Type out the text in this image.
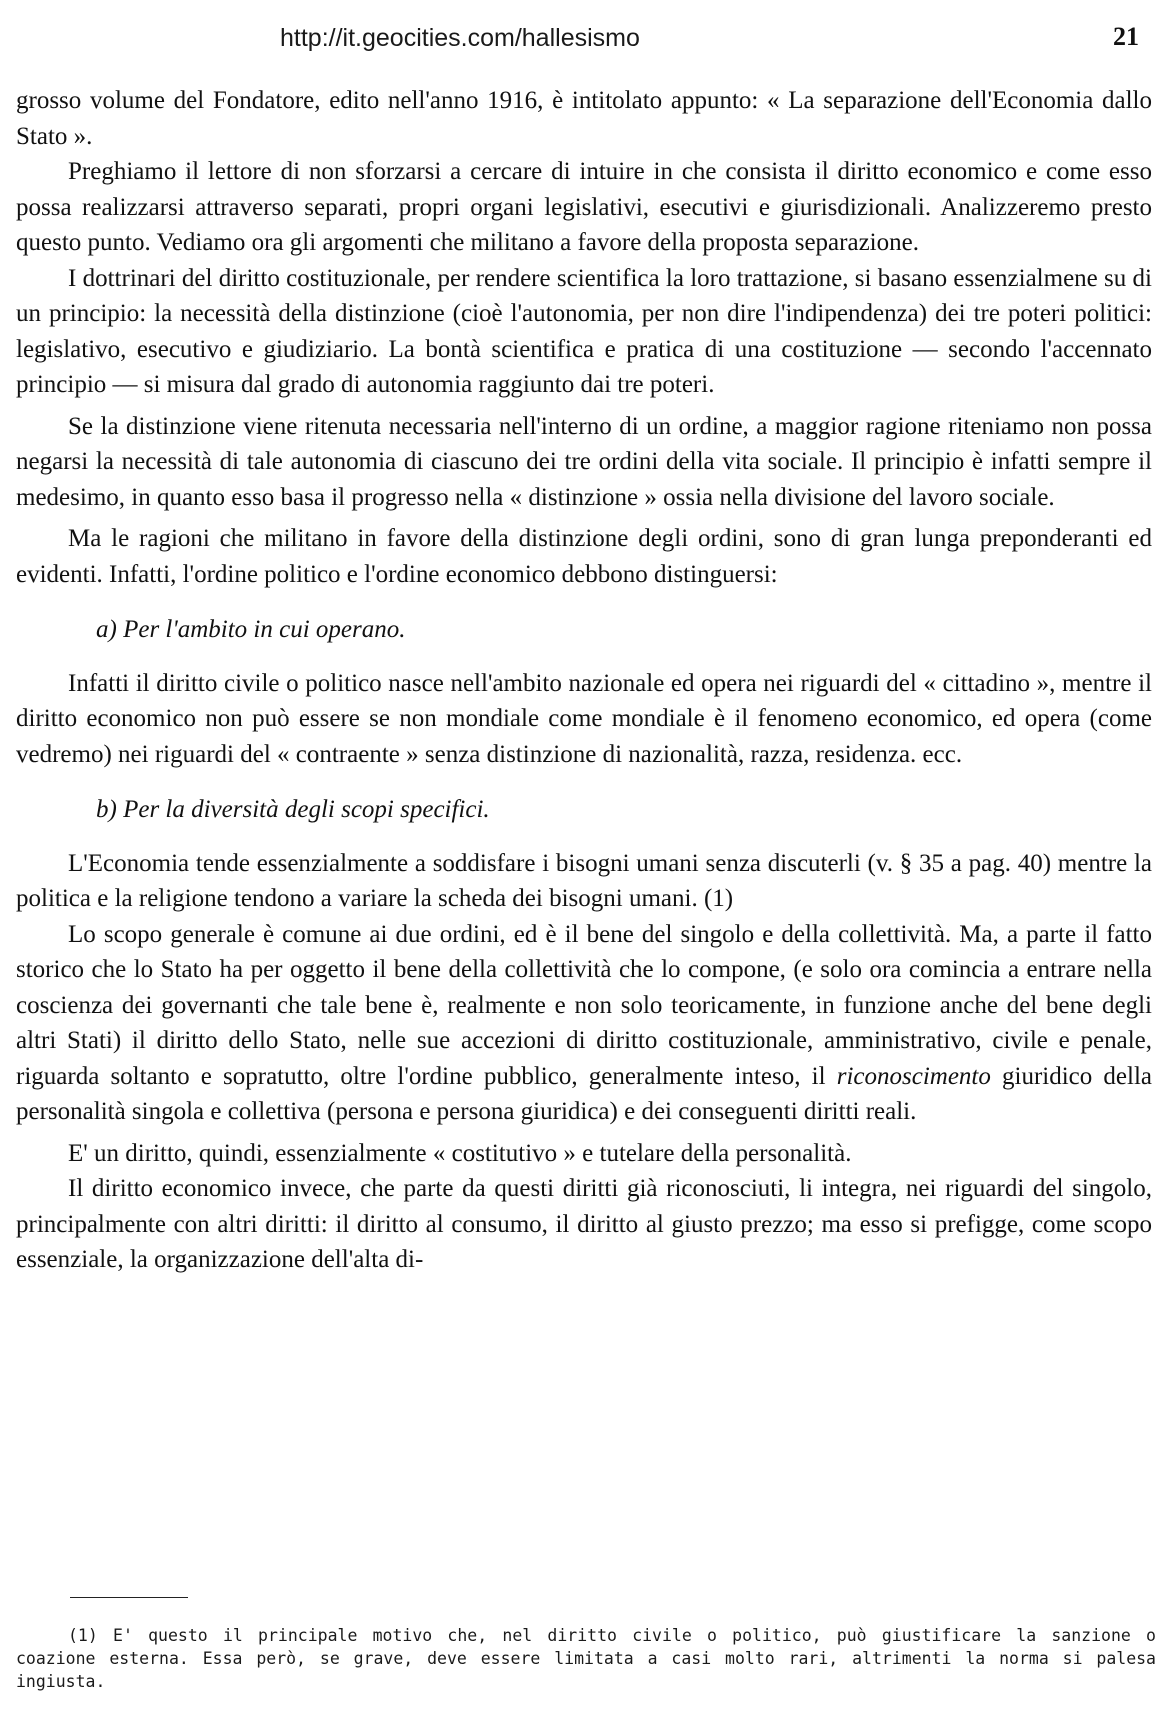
http://it.geocities.com/hallesismo	21

grosso volume del Fondatore, edito nell'anno 1916, è intitolato appunto: « La separazione dell'Economia dallo Stato ».

Preghiamo il lettore di non sforzarsi a cercare di intuire in che consista il diritto economico e come esso possa realizzarsi attraverso separati, propri organi legislativi, esecutivi e giurisdizionali. Analizzeremo presto questo punto. Vediamo ora gli argomenti che militano a favore della proposta separazione.

I dottrinari del diritto costituzionale, per rendere scientifica la loro trattazione, si basano essenzialmene su di un principio: la necessità della distinzione (cioè l'autonomia, per non dire l'indipendenza) dei tre poteri politici: legislativo, esecutivo e giudiziario. La bontà scientifica e pratica di una costituzione — secondo l'accennato principio — si misura dal grado di autonomia raggiunto dai tre poteri.

Se la distinzione viene ritenuta necessaria nell'interno di un ordine, a maggior ragione riteniamo non possa negarsi la necessità di tale autonomia di ciascuno dei tre ordini della vita sociale. Il principio è infatti sempre il medesimo, in quanto esso basa il progresso nella « distinzione » ossia nella divisione del lavoro sociale.

Ma le ragioni che militano in favore della distinzione degli ordini, sono di gran lunga preponderanti ed evidenti. Infatti, l'ordine politico e l'ordine economico debbono distinguersi:

a) Per l'ambito in cui operano.

Infatti il diritto civile o politico nasce nell'ambito nazionale ed opera nei riguardi del « cittadino », mentre il diritto economico non può essere se non mondiale come mondiale è il fenomeno economico, ed opera (come vedremo) nei riguardi del « contraente » senza distinzione di nazionalità, razza, residenza. ecc.

b) Per la diversità degli scopi specifici.

L'Economia tende essenzialmente a soddisfare i bisogni umani senza discuterli (v. § 35 a pag. 40) mentre la politica e la religione tendono a variare la scheda dei bisogni umani. (1)

Lo scopo generale è comune ai due ordini, ed è il bene del singolo e della collettività. Ma, a parte il fatto storico che lo Stato ha per oggetto il bene della collettività che lo compone, (e solo ora comincia a entrare nella coscienza dei governanti che tale bene è, realmente e non solo teoricamente, in funzione anche del bene degli altri Stati) il diritto dello Stato, nelle sue accezioni di diritto costituzionale, amministrativo, civile e penale, riguarda soltanto e sopratutto, oltre l'ordine pubblico, generalmente inteso, il riconoscimento giuridico della personalità singola e collettiva (persona e persona giuridica) e dei conseguenti diritti reali.

E' un diritto, quindi, essenzialmente « costitutivo » e tutelare della personalità.

Il diritto economico invece, che parte da questi diritti già riconosciuti, li integra, nei riguardi del singolo, principalmente con altri diritti: il diritto al consumo, il diritto al giusto prezzo; ma esso si prefigge, come scopo essenziale, la organizzazione dell'alta di-

(1) E' questo il principale motivo che, nel diritto civile o politico, può giustificare la sanzione o coazione esterna. Essa però, se grave, deve essere limitata a casi molto rari, altrimenti la norma si palesa ingiusta.
